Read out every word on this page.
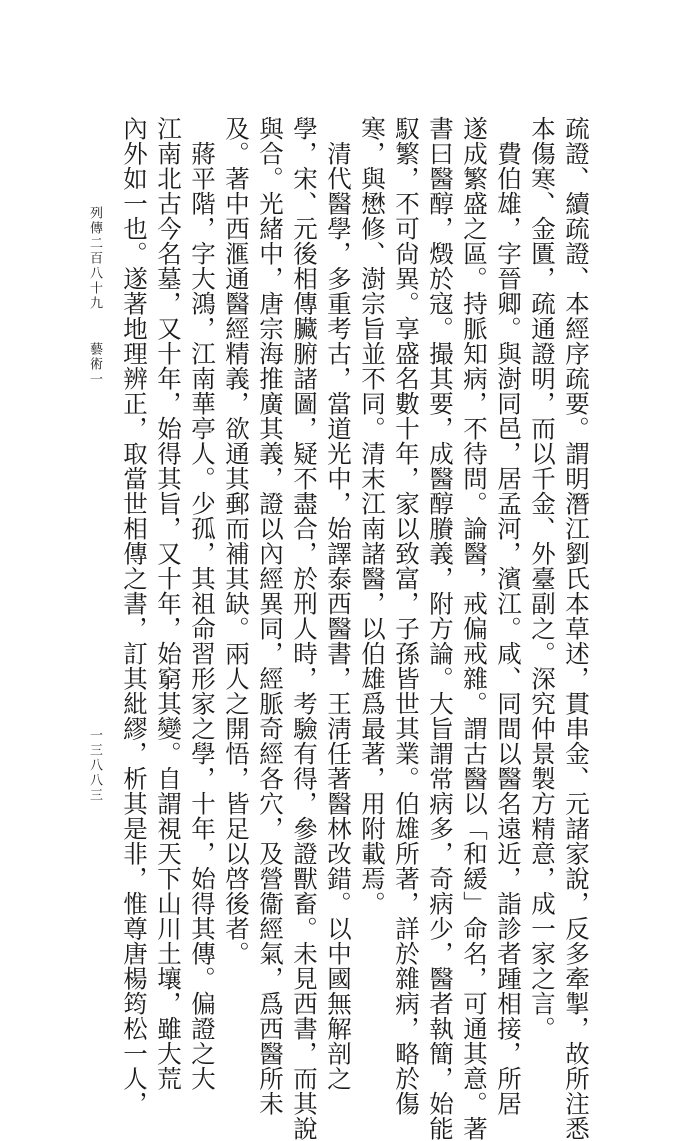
列傳二百八十九
藝術一
一三八八三	疏證、續疏證、本經序疏要。謂明潛江劉氏本草述，貫串金、元諸家說，反多牽掣，故所注悉
本傷寒、金匱，疏通證明，而以千金、外臺副之。深究仲景製方精意，成一家之言。
　費伯雄，字晉卿。與澍同邑，居孟河，濱江。咸、同間以醫名遠近，詣診者踵相接，所居
遂成繁盛之區。持脈知病，不待問。論醫，戒偏戒雜。謂古醫以「和緩」命名，可通其意。著
書曰醫醇，燬於寇。撮其要，成醫醇賸義，附方論。大旨謂常病多，奇病少，醫者執簡，始能
馭繁，不可尙異。享盛名數十年，家以致富，子孫皆世其業。伯雄所著，詳於雜病，略於傷
寒，與懋修、澍宗旨並不同。清末江南諸醫，以伯雄爲最著，用附載焉。
　清代醫學，多重考古，當道光中，始譯泰西醫書，王淸任著醫林改錯。以中國無解剖之
學，宋、元後相傳臟腑諸圖，疑不盡合，於刑人時，考驗有得，參證獸畜。未見西書，而其說
與合。光緒中，唐宗海推廣其義，證以內經異同，經脈奇經各穴，及營衞經氣，爲西醫所未
及。著中西滙通醫經精義，欲通其郵而補其缺。兩人之開悟，皆足以啓後者。
　蔣平階，字大鴻，江南華亭人。少孤，其祖命習形家之學，十年，始得其傳。偏證之大
江南北古今名墓，又十年，始得其旨，又十年，始窮其變。自謂視天下山川土壤，雖大荒
內外如一也。遂著地理辨正，取當世相傳之書，訂其紕繆，析其是非，惟尊唐楊筠松一人，
